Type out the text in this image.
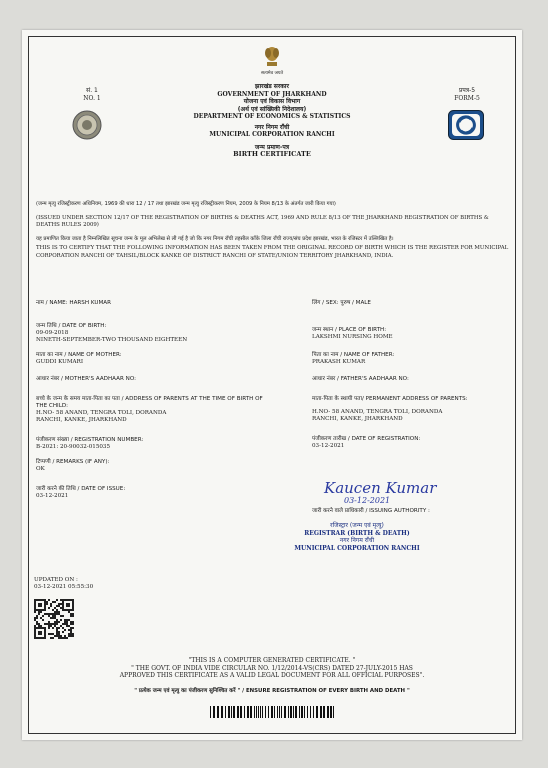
सं. 1
NO. 1
प्रपत्र-5
FORM-5
सत्यमेव जयते
झारखंड सरकार
GOVERNMENT OF JHARKHAND
योजना एवं विकास विभाग
(अर्थ एवं सांख्यिकी निदेशालय)
DEPARTMENT OF ECONOMICS & STATISTICS
नगर निगम राँची
MUNICIPAL CORPORATION RANCHI
जन्म प्रमाण-पत्र
BIRTH CERTIFICATE
(जन्म मृत्यु रजिस्ट्रीकरण अधिनियम, 1969 की धारा 12 / 17 तथा झारखंड जन्म मृत्यु रजिस्ट्रीकरण नियम, 2009 के नियम 8/13 के अंतर्गत जारी किया गया)
(ISSUED UNDER SECTION 12/17 OF THE REGISTRATION OF BIRTHS & DEATHS ACT, 1969 AND RULE 8/13 OF THE JHARKHAND REGISTRATION OF BIRTHS & DEATHS RULES 2009)
यह प्रमाणित किया जाता है निम्नलिखित सूचना जन्म के मूल अभिलेख से ली गई है जो कि नगर निगम राँची तहसील काँके जिला राँची राज्य/संघ प्रदेश झारखंड, भारत के रजिस्टर में उल्लिखित है।
THIS IS TO CERTIFY THAT THE FOLLOWING INFORMATION HAS BEEN TAKEN FROM THE ORIGINAL RECORD OF BIRTH WHICH IS THE REGISTER FOR MUNICIPAL CORPORATION RANCHI OF TAHSIL/BLOCK KANKE OF DISTRICT RANCHI OF STATE/UNION TERRITORY JHARKHAND, INDIA.
नाम / NAME: HARSH KUMAR
जन्म तिथि / DATE OF BIRTH:
09-09-2018
NINETH-SEPTEMBER-TWO THOUSAND EIGHTEEN
माता का नाम / NAME OF MOTHER:
GUDDI KUMARI
आधार नंबर / MOTHER'S AADHAAR NO:
बच्चे के जन्म के समय माता-पिता का पता / ADDRESS OF PARENTS AT THE TIME OF BIRTH OF THE CHILD:
H.NO- 58 ANAND, TENGRA TOLI, DORANDA RANCHI, KANKE, JHARKHAND
पंजीकरण संख्या / REGISTRATION NUMBER:
B-2021: 20-90032-015035
टिप्पणी / REMARKS (IF ANY):
OK
जारी करने की तिथि / DATE OF ISSUE:
03-12-2021
लिंग / SEX: पुरुष / MALE
जन्म स्थान / PLACE OF BIRTH:
LAKSHMI NURSING HOME
पिता का नाम / NAME OF FATHER:
PRAKASH KUMAR
आधार नंबर / FATHER'S AADHAAR NO:
माता-पिता के स्थायी पता/ PERMANENT ADDRESS OF PARENTS:
H.NO- 58 ANAND, TENGRA TOLI, DORANDA RANCHI, KANKE, JHARKHAND
पंजीकरण तारीख / DATE OF REGISTRATION:
03-12-2021
Kaucen Kumar
03-12-2021
जारी करने वाले प्राधिकारी / ISSUING AUTHORITY :
रजिस्ट्रार (जन्म एवं मृत्यु)
REGISTRAR (BIRTH & DEATH)
नगर निगम राँची
MUNICIPAL CORPORATION RANCHI
UPDATED ON :
03-12-2021 05:55:30
"THIS IS A COMPUTER GENERATED CERTIFICATE. "
" THE GOVT. OF INDIA VIDE CIRCULAR NO. 1/12/2014-VS(CRS) DATED 27-JULY-2015 HAS
APPROVED THIS CERTIFICATE AS A VALID LEGAL DOCUMENT FOR ALL OFFICIAL PURPOSES".
" प्रत्येक जन्म एवं मृत्यु का पंजीकरण सुनिश्चित करें " / ENSURE REGISTRATION OF EVERY BIRTH AND DEATH "
